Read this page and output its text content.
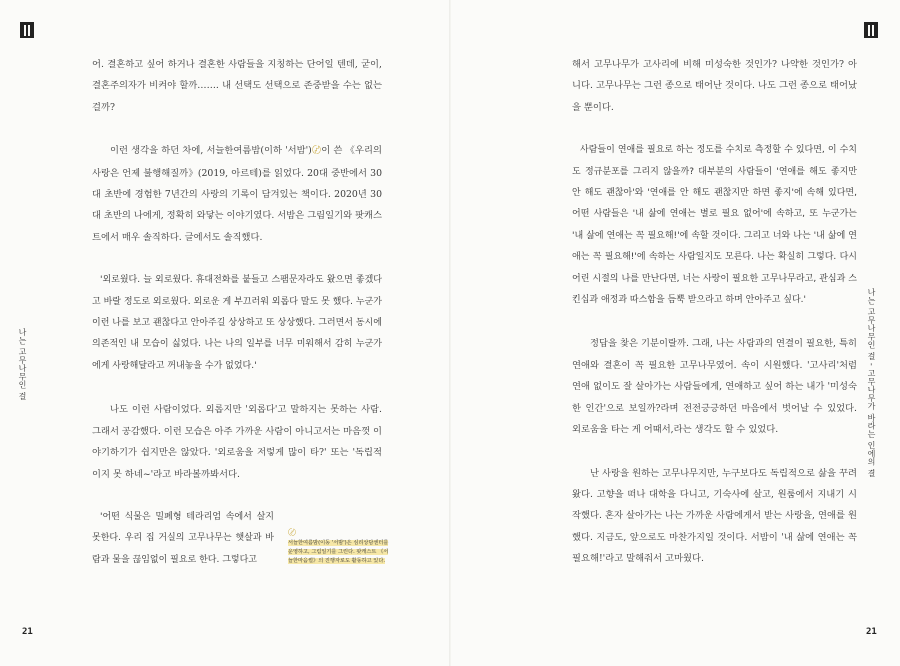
나는 고무나무인 걸
21

어. 결혼하고 싶어 하거나 결혼한 사람들을 지칭하는 단어일 텐데, 굳이, 결혼주의자가 비켜야 할까……. 내 선택도 선택으로 존중받을 수는 없는 걸까?

이런 생각을 하던 차에, 서늘한여름밤(이하 '서밤')〄이 쓴 《우리의 사랑은 언제 불행해질까》(2019, 아르테)를 읽었다. 20대 중반에서 30대 초반에 경험한 7년간의 사랑의 기록이 담겨있는 책이다. 2020년 30대 초반의 나에게, 정확히 와닿는 이야기였다. 서밤은 그림일기와 팟캐스트에서 매우 솔직하다. 글에서도 솔직했다.

'외로웠다. 늘 외로웠다. 휴대전화를 붙들고 스팸문자라도 왔으면 좋겠다고 바랄 정도로 외로웠다. 외로운 게 부끄러워 외롭다 말도 못 했다. 누군가 이런 나를 보고 괜찮다고 안아주길 상상하고 또 상상했다. 그러면서 동시에 의존적인 내 모습이 싫었다. 나는 나의 일부를 너무 미워해서 감히 누군가에게 사랑해달라고 꺼내놓을 수가 없었다.'

나도 이런 사람이었다. 외롭지만 '외롭다'고 말하지는 못하는 사람. 그래서 공감했다. 이런 모습은 아주 가까운 사람이 아니고서는 마음껏 이야기하기가 쉽지만은 않았다. '외로움을 저렇게 많이 타?' 또는 '독립적이지 못 하네~'라고 바라볼까봐서다.

'어떤 식물은 밀폐형 테라리엄 속에서 살지 못한다. 우리 집 거실의 고무나무는 햇살과 바람과 물을 끊임없이 필요로 한다. 그렇다고

〄
서늘한여름밤(이동 '서밤')은 심리상담센터를 운영하고, 그림일기를 그린다. 팟캐스트 《서늘한마음썰》의 진행자로도 활동하고 있다.
나는 고무나무인 걸 - 고무나무가 바라는 인에의 결
21

해서 고무나무가 고사리에 비해 미성숙한 것인가? 나약한 것인가? 아니다. 고무나무는 그런 종으로 태어난 것이다. 나도 그런 종으로 태어났을 뿐이다.

사람들이 연애를 필요로 하는 정도를 수치로 측정할 수 있다면, 이 수치도 정규분포를 그리지 않을까? 대부분의 사람들이 '연애를 해도 좋지만 안 해도 괜찮아'와 '연애를 안 해도 괜찮지만 하면 좋지'에 속해 있다면, 어떤 사람들은 '내 삶에 연애는 별로 필요 없어'에 속하고, 또 누군가는 '내 삶에 연애는 꼭 필요해!'에 속할 것이다. 그리고 너와 나는 '내 삶에 연애는 꼭 필요해!'에 속하는 사람일지도 모른다. 나는 확실히 그렇다. 다시 어린 시절의 나를 만난다면, 너는 사랑이 필요한 고무나무라고, 관심과 스킨십과 애정과 따스함을 듬뿍 받으라고 하며 안아주고 싶다.'

정답을 찾은 기분이랄까. 그래, 나는 사람과의 연결이 필요한, 특히 연애와 결혼이 꼭 필요한 고무나무였어. 속이 시원했다. '고사리'처럼 연애 없이도 잘 살아가는 사람들에게, 연애하고 싶어 하는 내가 '미성숙한 인간'으로 보일까?라며 전전긍긍하던 마음에서 벗어날 수 있었다. 외로움을 타는 게 어때서,라는 생각도 할 수 있었다.

난 사랑을 원하는 고무나무지만, 누구보다도 독립적으로 삶을 꾸려왔다. 고향을 떠나 대학을 다니고, 기숙사에 살고, 원룸에서 지내기 시작했다. 혼자 살아가는 나는 가까운 사람에게서 받는 사랑을, 연애를 원했다. 지금도, 앞으로도 마찬가지일 것이다. 서밤이 '내 삶에 연애는 꼭 필요해!'라고 말해줘서 고마웠다.
